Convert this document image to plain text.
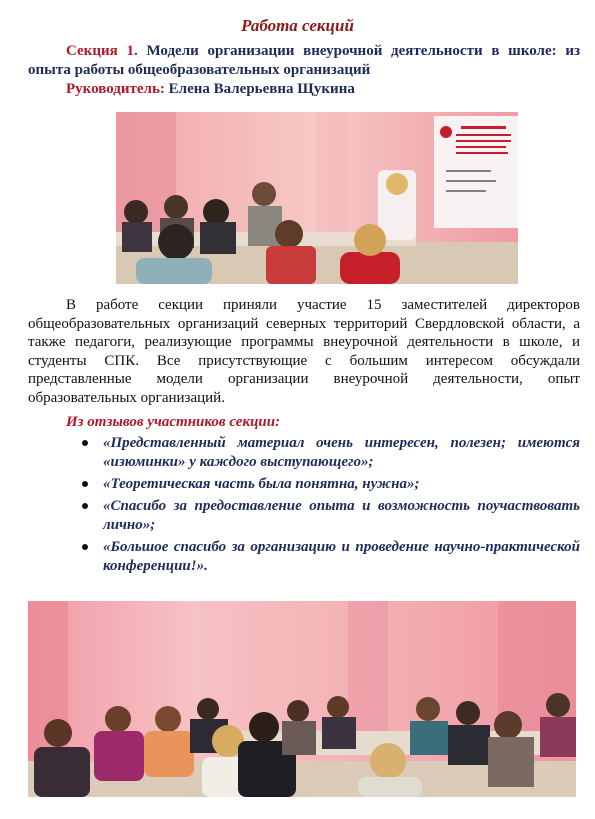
Работа секций
Секция 1. Модели организации внеурочной деятельности в школе: из опыта работы общеобразовательных организаций
Руководитель: Елена Валерьевна Щукина
В работе секции приняли участие 15 заместителей директоров общеобразовательных организаций северных территорий Свердловской области, а также педагоги, реализующие программы внеурочной деятельности в школе, и студенты СПК. Все присутствующие с большим интересом обсуждали представленные модели организации внеурочной деятельности, опыт образовательных организаций.
Из отзывов участников секции:
«Представленный материал очень интересен, полезен; имеются «изюминки» у каждого выступающего»;
«Теоретическая часть была понятна, нужна»;
«Спасибо за предоставление опыта и возможность поучаствовать лично»;
«Большое спасибо за организацию и проведение научно-практической конференции!».
